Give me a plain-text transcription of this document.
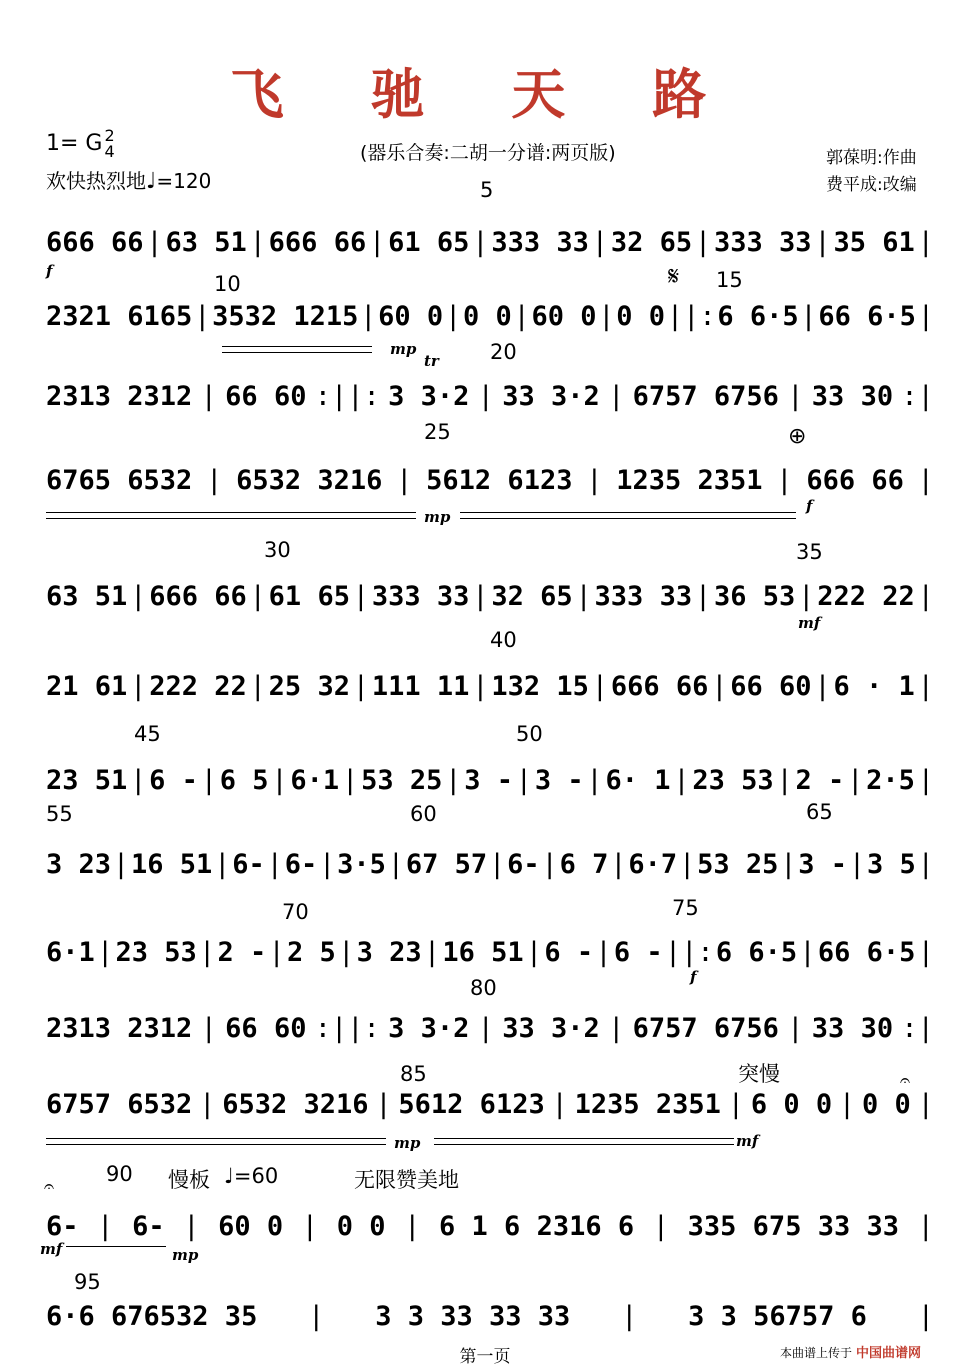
飞 驰 天 路
(器乐合奏:二胡一分谱:两页版)
1= G 2
4
欢快热烈地♩=120
郭葆明:作曲
费平成:改编
5
10	15
20
25
30	35
40
45	50
55	60	65
70	75
80
85
90
95
突慢
慢板 ♩=60	无限赞美地
𝄋
⊕
𝄐
𝄐
f
mp
tr
mp
f
mf
f
mp	mf
mf	mp
666 66 | 63 51 | 666 66 | 61 65 | 333 33 | 32 65 | 333 33 | 35 61 |
2321 6165 | 3532 1215 | 60 0 | 0 0 | 60 0 | 0 0 ||: 6 6·5 | 66 6·5 |
2313 2312 | 66 60 :||: 3 3·2 | 33 3·2 | 6757 6756 | 33 30 :|
6765 6532 | 6532 3216 | 5612 6123 | 1235 2351 | 666 66 |
63 51 | 666 66 | 61 65 | 333 33 | 32 65 | 333 33 | 36 53 | 222 22 |
21 61 | 222 22 | 25 32 | 111 11 | 132 15 | 666 66 | 66 60 | 6 · 1 |
23 51 | 6 - | 6 5 | 6·1 | 53 25 | 3 - | 3 - | 6· 1 | 23 53 | 2 - | 2·5 |
3 23 | 16 51 | 6- | 6- | 3·5 | 67 57 | 6- | 6 7 | 6·7 | 53 25 | 3 - | 3 5 |
6·1 | 23 53 | 2 - | 2 5 | 3 23 | 16 51 | 6 - | 6 - ||: 6 6·5 | 66 6·5 |
2313 2312 | 66 60 :||: 3 3·2 | 33 3·2 | 6757 6756 | 33 30 :|
6757 6532 | 6532 3216 | 5612 6123 | 1235 2351 | 6 0 0 | 0 0 |
6- | 6- | 60 0 | 0 0 | 6 1 6 2316 6 | 335 675 33 33 |
6·6 676532 35 | 3 3 33 33 33 | 3 3 56757 6 |
第一页	本曲谱上传于 中国曲谱网
